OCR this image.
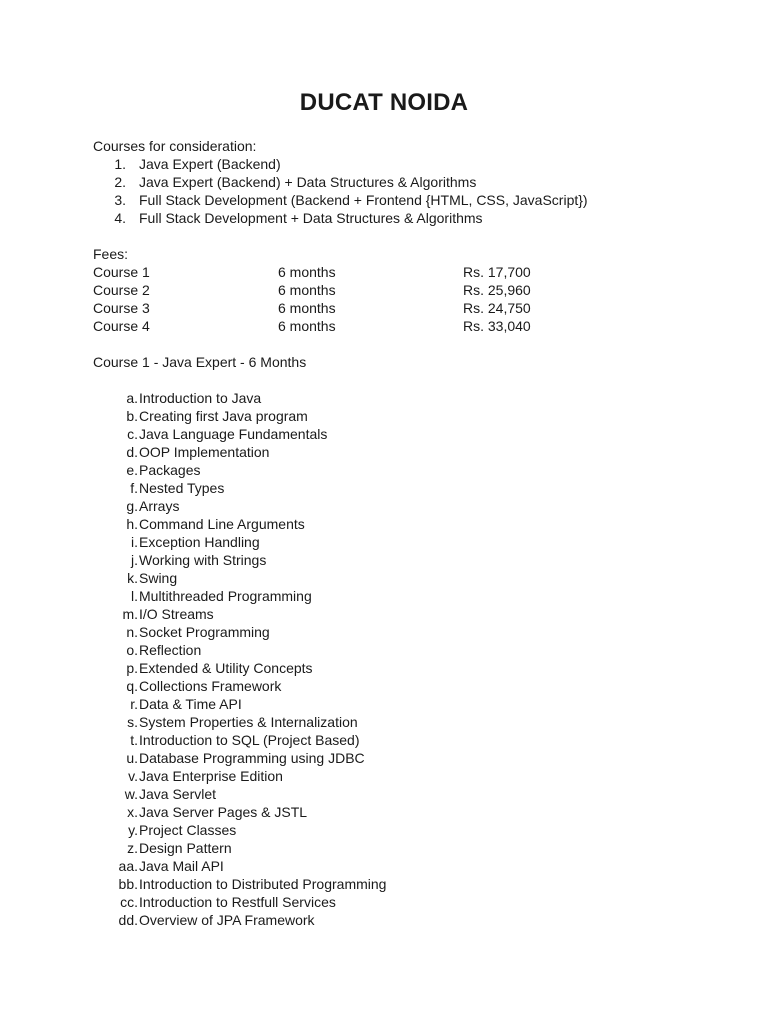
DUCAT NOIDA
Courses for consideration:
1. Java Expert (Backend)
2. Java Expert (Backend) + Data Structures & Algorithms
3. Full Stack Development (Backend + Frontend {HTML, CSS, JavaScript})
4. Full Stack Development + Data Structures & Algorithms
Fees:
Course 1	6 months	Rs. 17,700
Course 2	6 months	Rs. 25,960
Course 3	6 months	Rs. 24,750
Course 4	6 months	Rs. 33,040
Course 1 - Java Expert - 6 Months
a. Introduction to Java
b. Creating first Java program
c. Java Language Fundamentals
d. OOP Implementation
e. Packages
f. Nested Types
g. Arrays
h. Command Line Arguments
i. Exception Handling
j. Working with Strings
k. Swing
l. Multithreaded Programming
m. I/O Streams
n. Socket Programming
o. Reflection
p. Extended & Utility Concepts
q. Collections Framework
r. Data & Time API
s. System Properties & Internalization
t. Introduction to SQL (Project Based)
u. Database Programming using JDBC
v. Java Enterprise Edition
w. Java Servlet
x. Java Server Pages & JSTL
y. Project Classes
z. Design Pattern
aa. Java Mail API
bb. Introduction to Distributed Programming
cc. Introduction to Restfull Services
dd. Overview of JPA Framework
